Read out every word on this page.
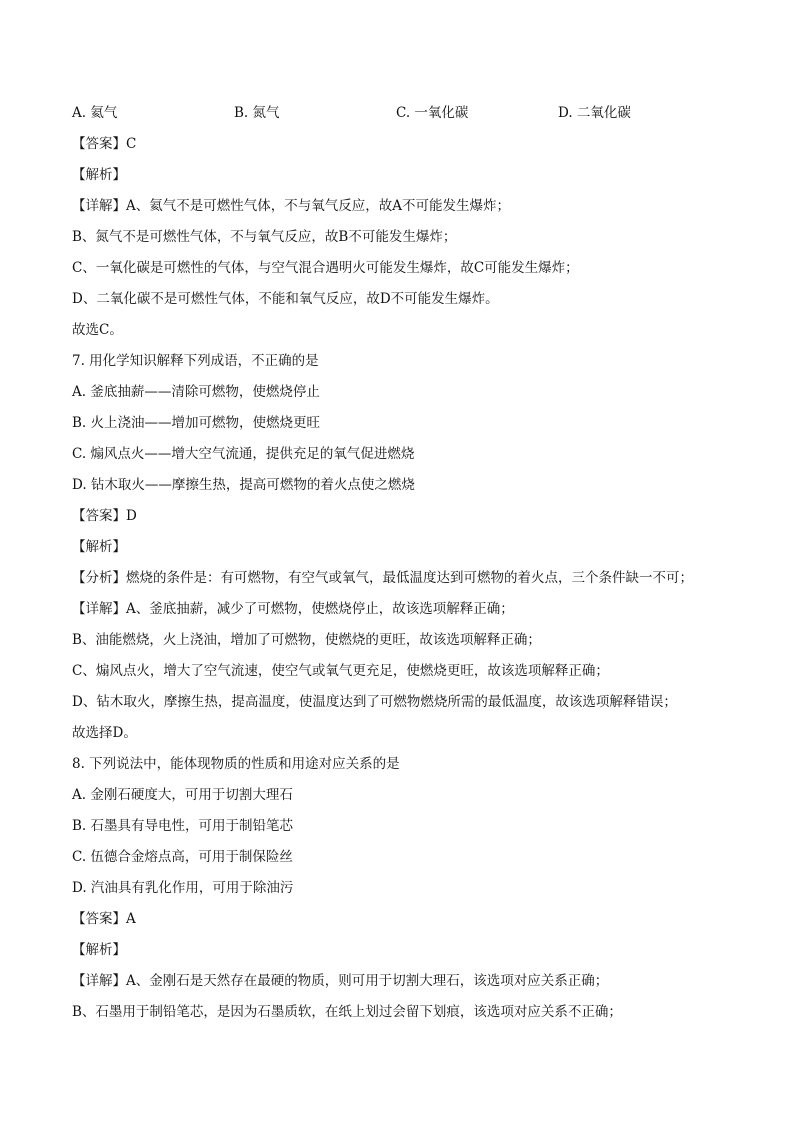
A. 氦气	B. 氮气	C. 一氧化碳	D. 二氧化碳
【答案】C
【解析】
【详解】A、氦气不是可燃性气体，不与氧气反应，故A不可能发生爆炸；
B、氮气不是可燃性气体，不与氧气反应，故B不可能发生爆炸；
C、一氧化碳是可燃性的气体，与空气混合遇明火可能发生爆炸，故C可能发生爆炸；
D、二氧化碳不是可燃性气体，不能和氧气反应，故D不可能发生爆炸。
故选C。
7. 用化学知识解释下列成语，不正确的是
A. 釜底抽薪——清除可燃物，使燃烧停止
B. 火上浇油——增加可燃物，使燃烧更旺
C. 煽风点火——增大空气流通，提供充足的氧气促进燃烧
D. 钻木取火——摩擦生热，提高可燃物的着火点使之燃烧
【答案】D
【解析】
【分析】燃烧的条件是：有可燃物，有空气或氧气，最低温度达到可燃物的着火点，三个条件缺一不可；
【详解】A、釜底抽薪，减少了可燃物，使燃烧停止，故该选项解释正确；
B、油能燃烧，火上浇油，增加了可燃物，使燃烧的更旺，故该选项解释正确；
C、煽风点火，增大了空气流速，使空气或氧气更充足，使燃烧更旺，故该选项解释正确；
D、钻木取火，摩擦生热，提高温度，使温度达到了可燃物燃烧所需的最低温度，故该选项解释错误；
故选择D。
8. 下列说法中，能体现物质的性质和用途对应关系的是
A. 金刚石硬度大，可用于切割大理石
B. 石墨具有导电性，可用于制铅笔芯
C. 伍德合金熔点高，可用于制保险丝
D. 汽油具有乳化作用，可用于除油污
【答案】A
【解析】
【详解】A、金刚石是天然存在最硬的物质，则可用于切割大理石，该选项对应关系正确；
B、石墨用于制铅笔芯，是因为石墨质软，在纸上划过会留下划痕，该选项对应关系不正确；
